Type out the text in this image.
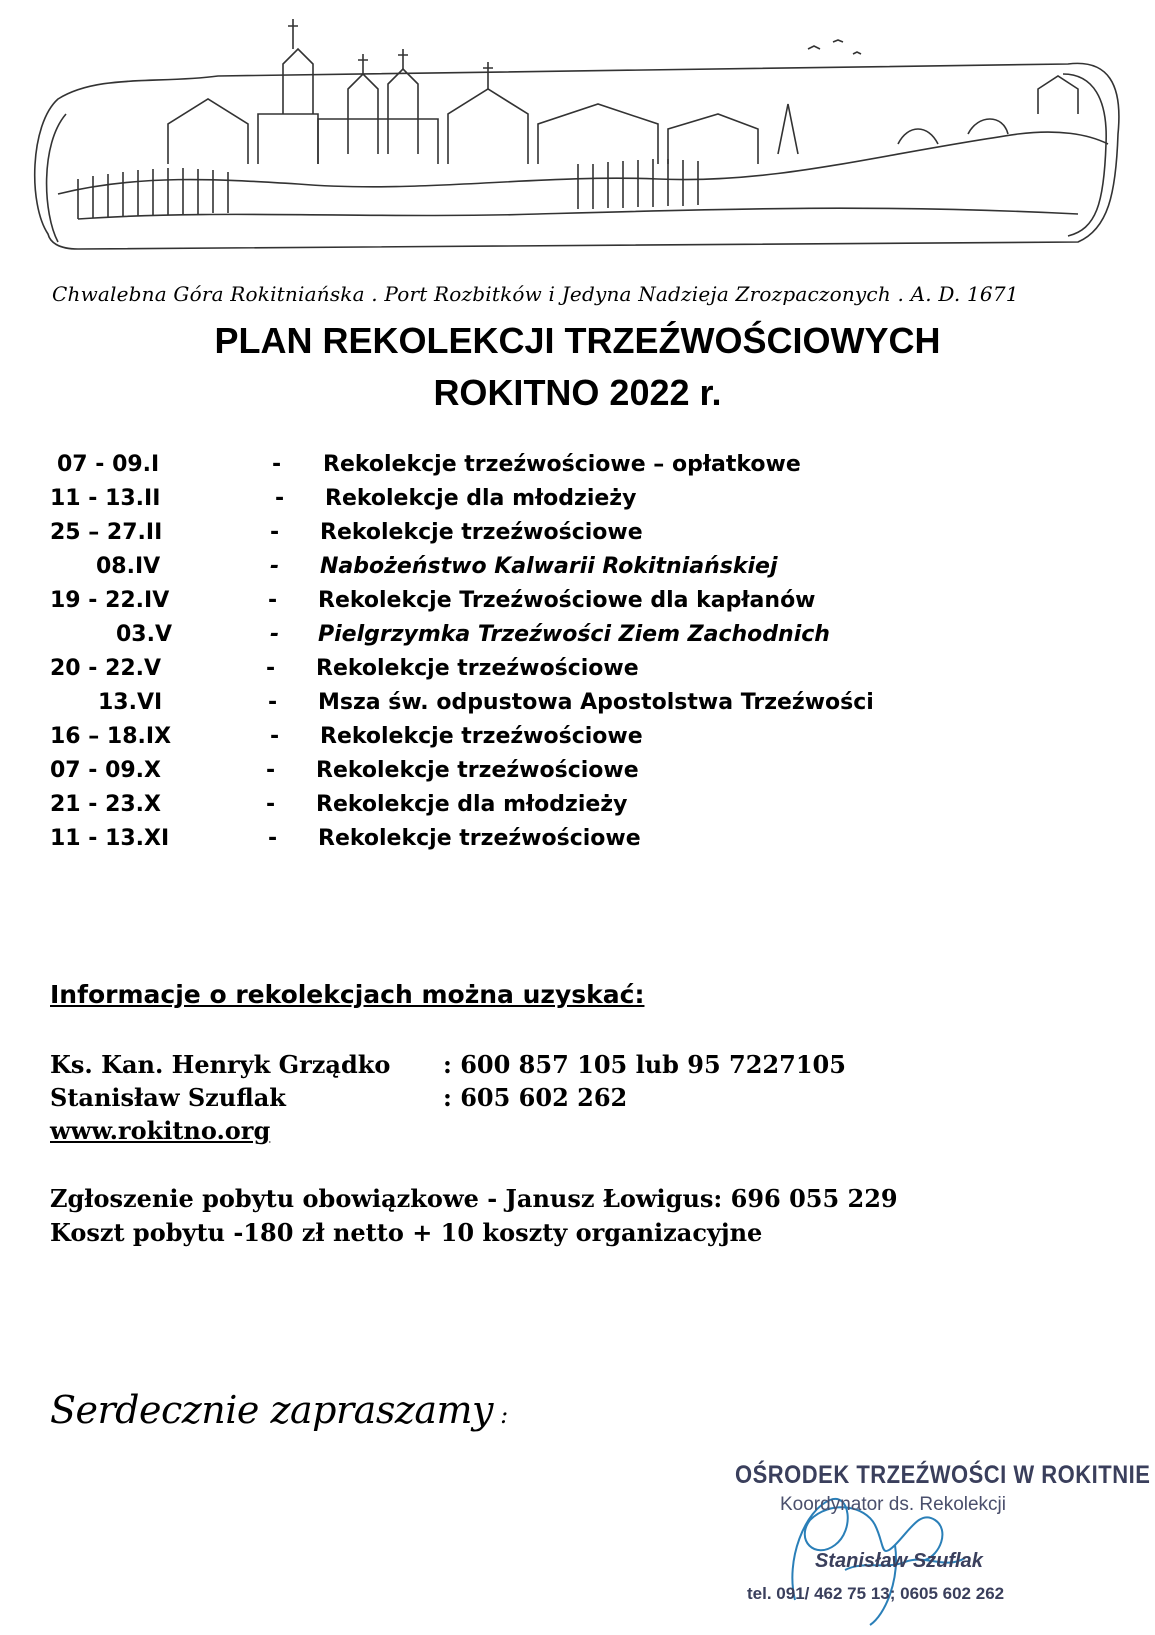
Chwalebna Góra Rokitniańska . Port Rozbitków i Jedyna Nadzieja Zrozpaczonych . A. D. 1671
PLAN REKOLEKCJI TRZEŹWOŚCIOWYCH
ROKITNO 2022 r.
07 - 09.I	- Rekolekcje trzeźwościowe – opłatkowe
11 - 13.II	- Rekolekcje dla młodzieży
25 – 27.II	- Rekolekcje trzeźwościowe
08.IV	- Nabożeństwo Kalwarii Rokitniańskiej
19 - 22.IV	- Rekolekcje Trzeźwościowe dla kapłanów
03.V	- Pielgrzymka Trzeźwości Ziem Zachodnich
20 - 22.V	- Rekolekcje trzeźwościowe
13.VI	- Msza św. odpustowa Apostolstwa Trzeźwości
16 – 18.IX	- Rekolekcje trzeźwościowe
07 - 09.X	- Rekolekcje trzeźwościowe
21 - 23.X	- Rekolekcje dla młodzieży
11 - 13.XI	- Rekolekcje trzeźwościowe
Informacje o rekolekcjach można uzyskać:
Ks. Kan. Henryk Grządko : 600 857 105 lub 95 7227105
Stanisław Szuflak	: 605 602 262
www.rokitno.org
Zgłoszenie pobytu obowiązkowe - Janusz Łowigus: 696 055 229
Koszt pobytu -180 zł netto + 10 koszty organizacyjne
Serdecznie zapraszamy :
OŚRODEK TRZEŹWOŚCI W ROKITNIE
Koordynator ds. Rekolekcji
Stanisław Szuflak
tel. 091/ 462 75 13; 0605 602 262
